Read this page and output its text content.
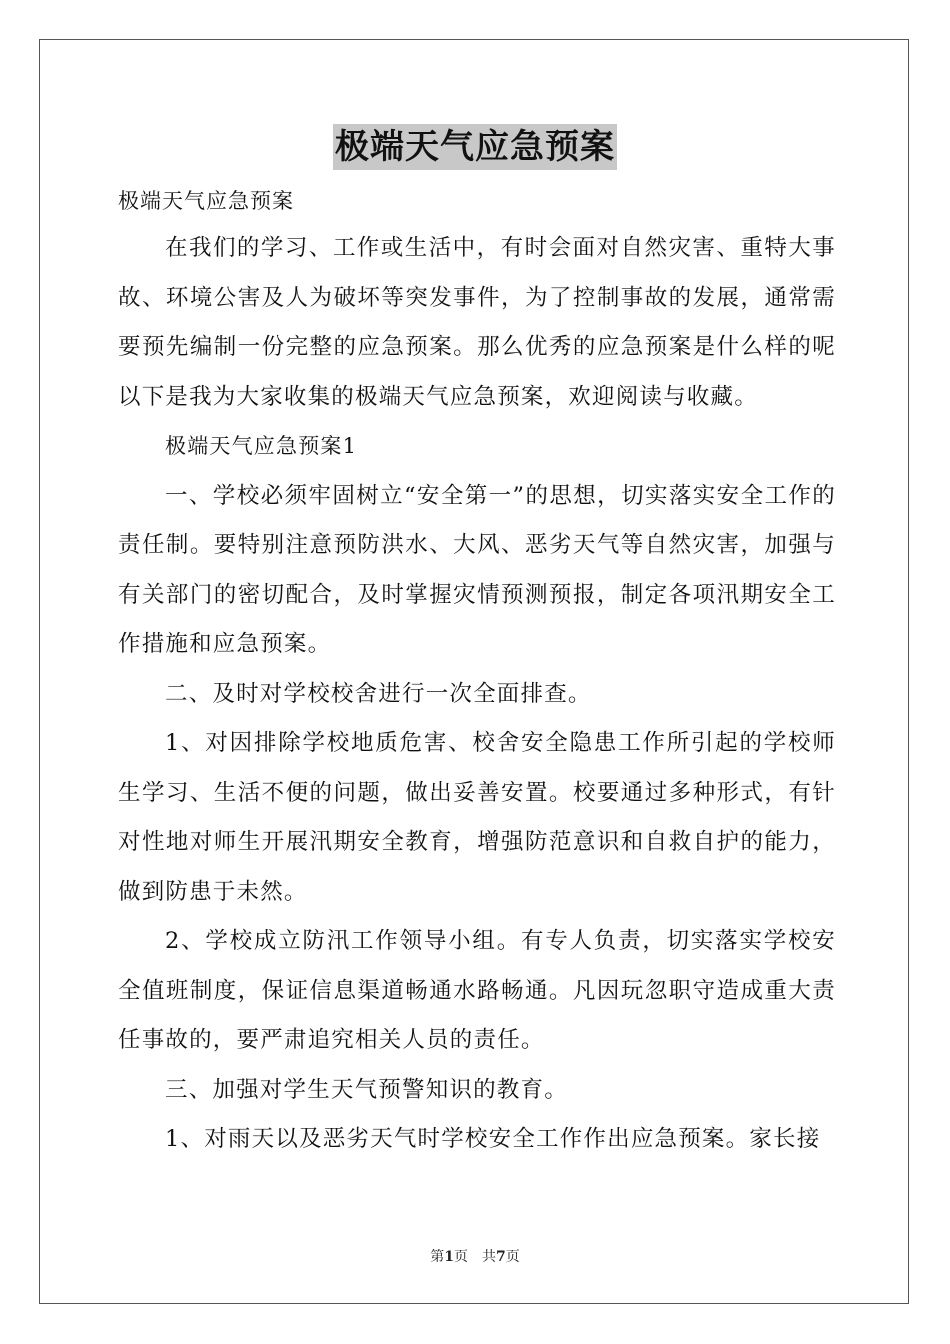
极端天气应急预案

极端天气应急预案

在我们的学习、工作或生活中，有时会面对自然灾害、重特大事故、环境公害及人为破坏等突发事件，为了控制事故的发展，通常需要预先编制一份完整的应急预案。那么优秀的应急预案是什么样的呢以下是我为大家收集的极端天气应急预案，欢迎阅读与收藏。

极端天气应急预案1

一、学校必须牢固树立“安全第一”的思想，切实落实安全工作的责任制。要特别注意预防洪水、大风、恶劣天气等自然灾害，加强与有关部门的密切配合，及时掌握灾情预测预报，制定各项汛期安全工作措施和应急预案。

二、及时对学校校舍进行一次全面排查。

1、对因排除学校地质危害、校舍安全隐患工作所引起的学校师生学习、生活不便的问题，做出妥善安置。校要通过多种形式，有针对性地对师生开展汛期安全教育，增强防范意识和自救自护的能力，做到防患于未然。

2、学校成立防汛工作领导小组。有专人负责，切实落实学校安全值班制度，保证信息渠道畅通水路畅通。凡因玩忽职守造成重大责任事故的，要严肃追究相关人员的责任。

三、加强对学生天气预警知识的教育。

1、对雨天以及恶劣天气时学校安全工作作出应急预案。家长接

第1页　共7页
